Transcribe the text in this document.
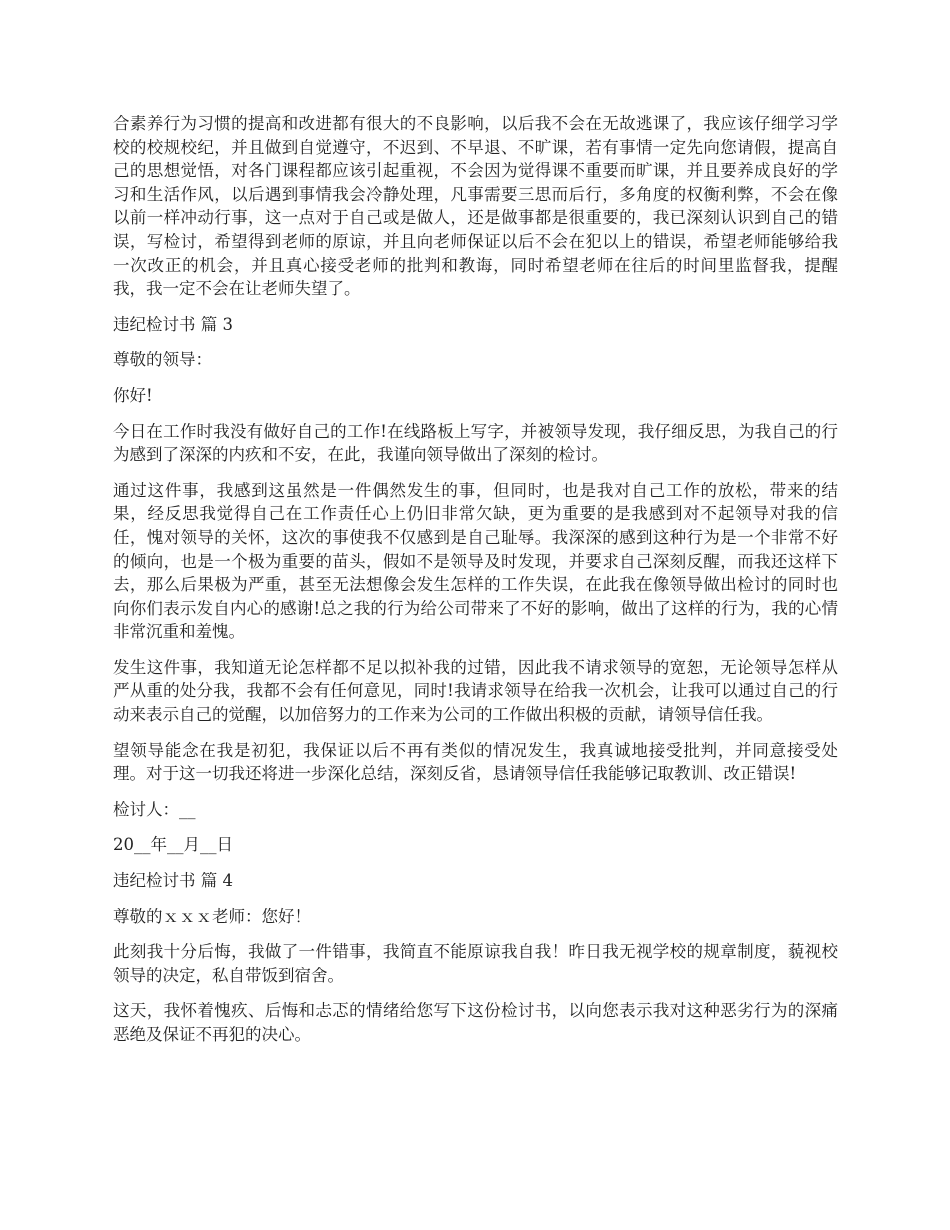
合素养行为习惯的提高和改进都有很大的不良影响，以后我不会在无故逃课了，我应该仔细学习学校的校规校纪，并且做到自觉遵守，不迟到、不早退、不旷课，若有事情一定先向您请假，提高自己的思想觉悟，对各门课程都应该引起重视，不会因为觉得课不重要而旷课，并且要养成良好的学习和生活作风，以后遇到事情我会冷静处理，凡事需要三思而后行，多角度的权衡利弊，不会在像以前一样冲动行事，这一点对于自己或是做人，还是做事都是很重要的，我已深刻认识到自己的错误，写检讨，希望得到老师的原谅，并且向老师保证以后不会在犯以上的错误，希望老师能够给我一次改正的机会，并且真心接受老师的批判和教诲，同时希望老师在往后的时间里监督我，提醒我，我一定不会在让老师失望了。

违纪检讨书 篇 3

尊敬的领导：

你好!

今日在工作时我没有做好自己的工作!在线路板上写字，并被领导发现，我仔细反思，为我自己的行为感到了深深的内疚和不安，在此，我谨向领导做出了深刻的检讨。

通过这件事，我感到这虽然是一件偶然发生的事，但同时，也是我对自己工作的放松，带来的结果，经反思我觉得自己在工作责任心上仍旧非常欠缺，更为重要的是我感到对不起领导对我的信任，愧对领导的关怀，这次的事使我不仅感到是自己耻辱。我深深的感到这种行为是一个非常不好的倾向，也是一个极为重要的苗头，假如不是领导及时发现，并要求自己深刻反醒，而我还这样下去，那么后果极为严重，甚至无法想像会发生怎样的工作失误，在此我在像领导做出检讨的同时也向你们表示发自内心的感谢!总之我的行为给公司带来了不好的影响，做出了这样的行为，我的心情非常沉重和羞愧。

发生这件事，我知道无论怎样都不足以拟补我的过错，因此我不请求领导的宽恕，无论领导怎样从严从重的处分我，我都不会有任何意见，同时!我请求领导在给我一次机会，让我可以通过自己的行动来表示自己的觉醒，以加倍努力的工作来为公司的工作做出积极的贡献，请领导信任我。

望领导能念在我是初犯，我保证以后不再有类似的情况发生，我真诚地接受批判，并同意接受处理。对于这一切我还将进一步深化总结，深刻反省，恳请领导信任我能够记取教训、改正错误!

检讨人：__

20__年__月__日

违纪检讨书 篇 4

尊敬的ｘｘｘ老师：您好！

此刻我十分后悔，我做了一件错事，我简直不能原谅我自我！昨日我无视学校的规章制度，藐视校领导的决定，私自带饭到宿舍。

这天，我怀着愧疚、后悔和忐忑的情绪给您写下这份检讨书，以向您表示我对这种恶劣行为的深痛恶绝及保证不再犯的决心。
